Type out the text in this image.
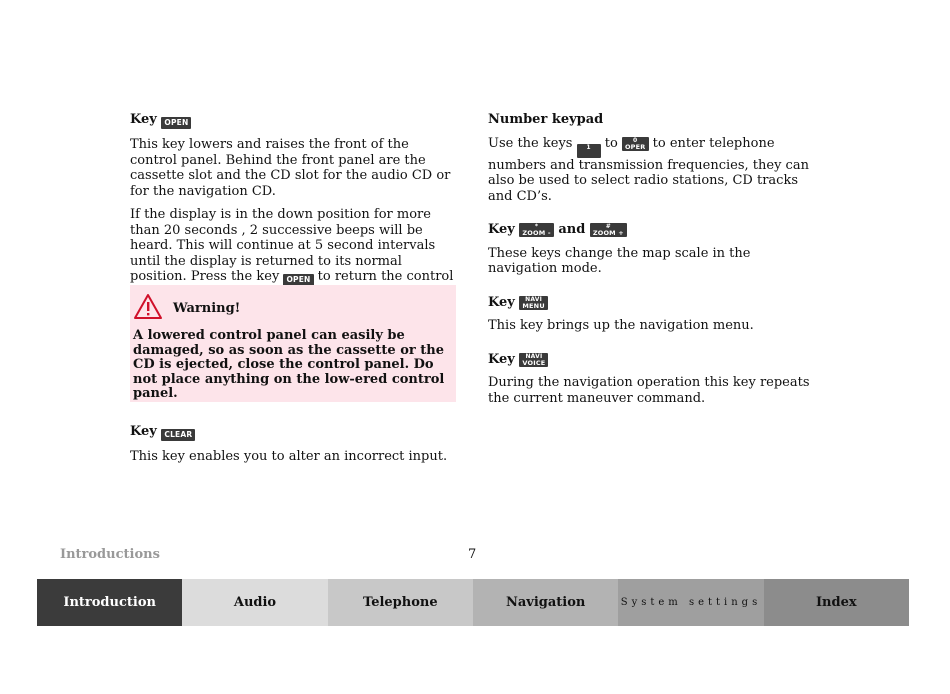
Key OPEN

This key lowers and raises the front of the control panel. Behind the front panel are the cassette slot and the CD slot for the audio CD or for the navigation CD.

If the display is in the down position for more than 20 seconds , 2 successive beeps will be heard. This will continue at 5 second intervals until the display is returned to its normal position. Press the key OPEN to return the control

Warning!

A lowered control panel can easily be damaged, so as soon as the cassette or the CD is ejected, close the control panel. Do not place anything on the low-ered control panel.

Key CLEAR

This key enables you to alter an incorrect input.

Number keypad

Use the keys	1	to	0
OPER to enter telephone numbers and transmission frequencies, they can also be used to select radio stations, CD tracks and CD’s.

Key	*
ZOOM - and	#
ZOOM +

These keys change the map scale in the navigation mode.

Key	NAVI
MENU

This key brings up the navigation menu.

Key	NAVI
VOICE

During the navigation operation this key repeats the current maneuver command.

Introductions	7
Introduction	Audio	Telephone	Navigation	System settings	Index
